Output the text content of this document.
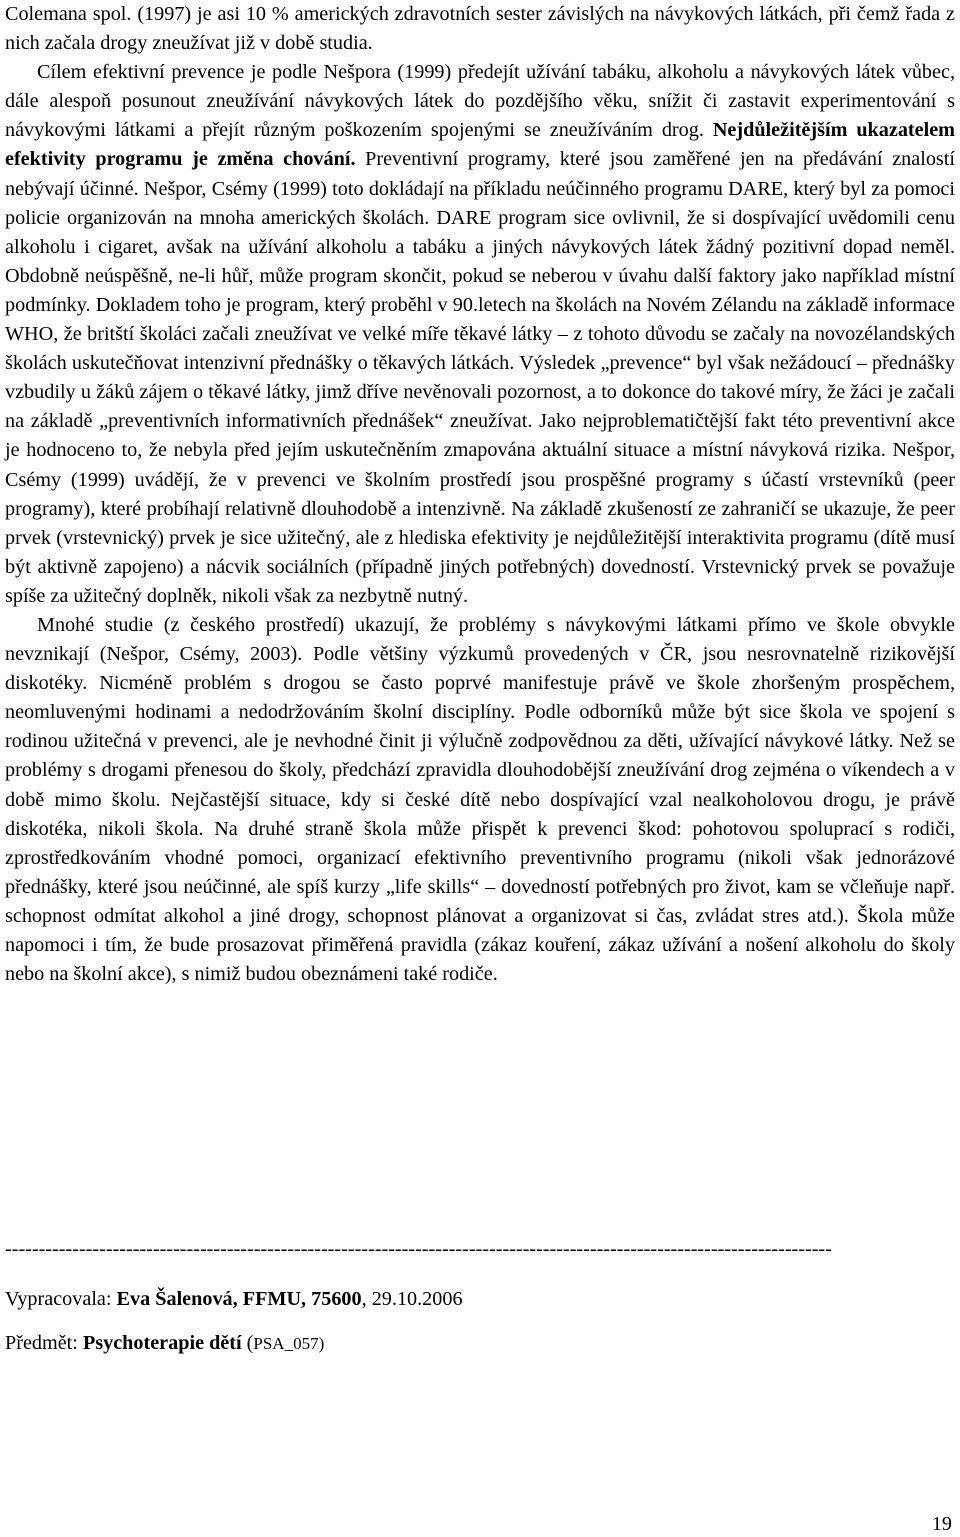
Colemana spol. (1997) je asi 10 % amerických zdravotních sester závislých na návykových látkách, při čemž řada z nich začala drogy zneužívat již v době studia.

Cílem efektivní prevence je podle Nešpora (1999) předejít užívání tabáku, alkoholu a návykových látek vůbec, dále alespoň posunout zneužívání návykových látek do pozdějšího věku, snížit či zastavit experimentování s návykovými látkami a přejít různým poškozením spojenými se zneužíváním drog. Nejdůležitějším ukazatelem efektivity programu je změna chování. Preventivní programy, které jsou zaměřené jen na předávání znalostí nebývají účinné. Nešpor, Csémy (1999) toto dokládají na příkladu neúčinného programu DARE, který byl za pomoci policie organizován na mnoha amerických školách. DARE program sice ovlivnil, že si dospívající uvědomili cenu alkoholu i cigaret, avšak na užívání alkoholu a tabáku a jiných návykových látek žádný pozitivní dopad neměl. Obdobně neúspěšně, ne-li hůř, může program skončit, pokud se neberou v úvahu další faktory jako například místní podmínky. Dokladem toho je program, který proběhl v 90.letech na školách na Novém Zélandu na základě informace WHO, že britští školáci začali zneužívat ve velké míře těkavé látky – z tohoto důvodu se začaly na novozélandských školách uskutečňovat intenzivní přednášky o těkavých látkách. Výsledek „prevence“ byl však nežádoucí – přednášky vzbudily u žáků zájem o těkavé látky, jimž dříve nevěnovali pozornost, a to dokonce do takové míry, že žáci je začali na základě „preventivních informativních přednášek“ zneužívat. Jako nejproblematičtější fakt této preventivní akce je hodnoceno to, že nebyla před jejím uskutečněním zmapována aktuální situace a místní návyková rizika. Nešpor, Csémy (1999) uvádějí, že v prevenci ve školním prostředí jsou prospěšné programy s účastí vrstevníků (peer programy), které probíhají relativně dlouhodobě a intenzivně. Na základě zkušeností ze zahraničí se ukazuje, že peer prvek (vrstevnický) prvek je sice užitečný, ale z hlediska efektivity je nejdůležitější interaktivita programu (dítě musí být aktivně zapojeno) a nácvik sociálních (případně jiných potřebných) dovedností. Vrstevnický prvek se považuje spíše za užitečný doplněk, nikoli však za nezbytně nutný.

Mnohé studie (z českého prostředí) ukazují, že problémy s návykovými látkami přímo ve škole obvykle nevznikají (Nešpor, Csémy, 2003). Podle většiny výzkumů provedených v ČR, jsou nesrovnatelně rizikovější diskotéky. Nicméně problém s drogou se často poprvé manifestuje právě ve škole zhoršeným prospěchem, neomluvenými hodinami a nedodržováním školní disciplíny. Podle odborníků může být sice škola ve spojení s rodinou užitečná v prevenci, ale je nevhodné činit ji výlučně zodpovědnou za děti, užívající návykové látky. Než se problémy s drogami přenesou do školy, předchází zpravidla dlouhodobější zneužívání drog zejména o víkendech a v době mimo školu. Nejčastější situace, kdy si české dítě nebo dospívající vzal nealkoholovou drogu, je právě diskotéka, nikoli škola. Na druhé straně škola může přispět k prevenci škod: pohotovou spoluprací s rodiči, zprostředkováním vhodné pomoci, organizací efektivního preventivního programu (nikoli však jednorázové přednášky, které jsou neúčinné, ale spíš kurzy „life skills“ – dovedností potřebných pro život, kam se včleňuje např. schopnost odmítat alkohol a jiné drogy, schopnost plánovat a organizovat si čas, zvládat stres atd.). Škola může napomoci i tím, že bude prosazovat přiměřená pravidla (zákaz kouření, zákaz užívání a nošení alkoholu do školy nebo na školní akce), s nimiž budou obeznámeni také rodiče.

---------------------------------------------------------------------------------------------------------------------------
Vypracovala: Eva Šalenová, FFMU, 75600, 29.10.2006
Předmět: Psychoterapie dětí (PSA_057)
19
